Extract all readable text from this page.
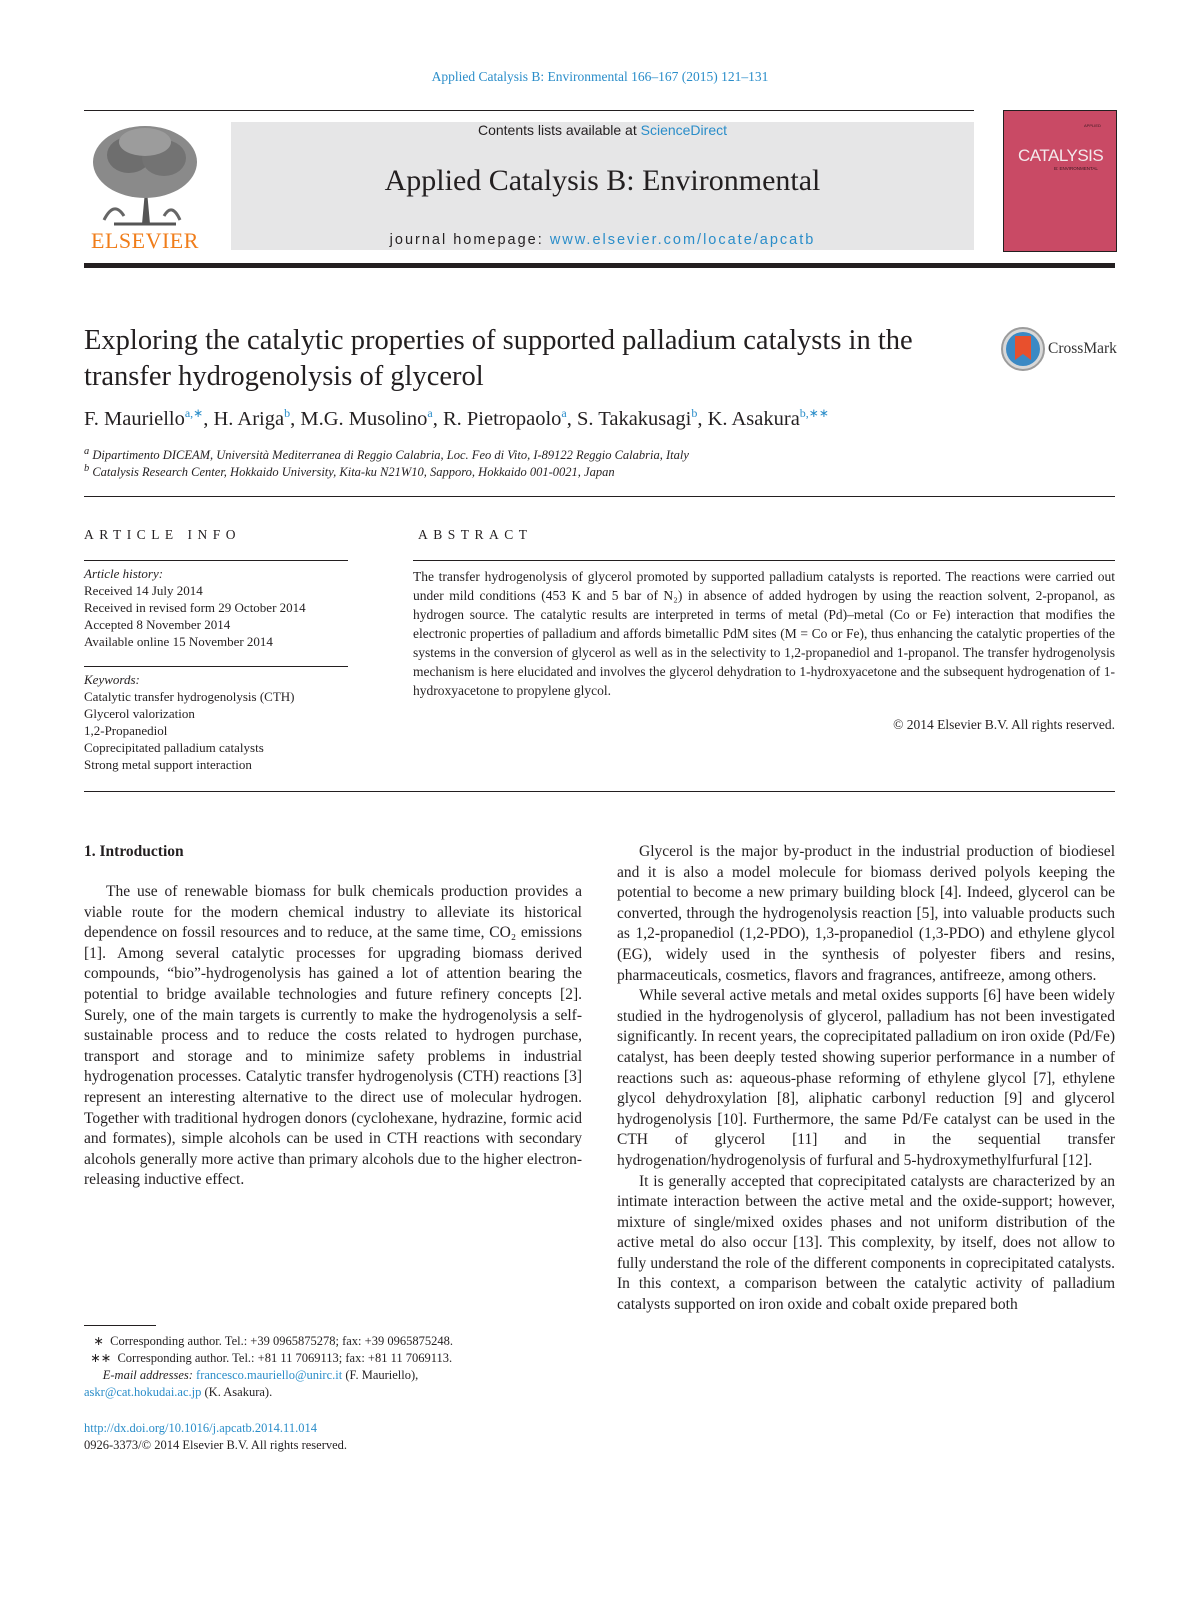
Applied Catalysis B: Environmental 166–167 (2015) 121–131
ELSEVIER
Contents lists available at ScienceDirect
Applied Catalysis B: Environmental
journal homepage: www.elsevier.com/locate/apcatb
APPLIED
CATALYSIS
B: ENVIRONMENTAL
Exploring the catalytic properties of supported palladium catalysts in the transfer hydrogenolysis of glycerol
CrossMark
F. Mauriello$^{a,∗}$, H. Ariga$^b$, M.G. Musolino$^a$, R. Pietropaolo$^a$, S. Takakusagi$^b$, K. Asakura$^{b,∗∗}$
$^a$ Dipartimento DICEAM, Università Mediterranea di Reggio Calabria, Loc. Feo di Vito, I-89122 Reggio Calabria, Italy
$^b$ Catalysis Research Center, Hokkaido University, Kita-ku N21W10, Sapporo, Hokkaido 001-0021, Japan
ARTICLE INFO	ABSTRACT
Article history:
Received 14 July 2014
Received in revised form 29 October 2014
Accepted 8 November 2014
Available online 15 November 2014
Keywords:
Catalytic transfer hydrogenolysis (CTH)
Glycerol valorization
1,2-Propanediol
Coprecipitated palladium catalysts
Strong metal support interaction
The transfer hydrogenolysis of glycerol promoted by supported palladium catalysts is reported. The reactions were carried out under mild conditions (453 K and 5 bar of N₂) in absence of added hydrogen by using the reaction solvent, 2-propanol, as hydrogen source. The catalytic results are interpreted in terms of metal (Pd)–metal (Co or Fe) interaction that modifies the electronic properties of palladium and affords bimetallic PdM sites (M = Co or Fe), thus enhancing the catalytic properties of the systems in the conversion of glycerol as well as in the selectivity to 1,2-propanediol and 1-propanol. The transfer hydrogenolysis mechanism is here elucidated and involves the glycerol dehydration to 1-hydroxyacetone and the subsequent hydrogenation of 1-hydroxyacetone to propylene glycol.
© 2014 Elsevier B.V. All rights reserved.
1. Introduction

The use of renewable biomass for bulk chemicals production provides a viable route for the modern chemical industry to alleviate its historical dependence on fossil resources and to reduce, at the same time, CO₂ emissions [1]. Among several catalytic processes for upgrading biomass derived compounds, “bio”-hydrogenolysis has gained a lot of attention bearing the potential to bridge available technologies and future refinery concepts [2]. Surely, one of the main targets is currently to make the hydrogenolysis a self-sustainable process and to reduce the costs related to hydrogen purchase, transport and storage and to minimize safety problems in industrial hydrogenation processes. Catalytic transfer hydrogenolysis (CTH) reactions [3] represent an interesting alternative to the direct use of molecular hydrogen. Together with traditional hydrogen donors (cyclohexane, hydrazine, formic acid and formates), simple alcohols can be used in CTH reactions with secondary alcohols generally more active than primary alcohols due to the higher electron-releasing inductive effect.

Glycerol is the major by-product in the industrial production of biodiesel and it is also a model molecule for biomass derived polyols keeping the potential to become a new primary building block [4]. Indeed, glycerol can be converted, through the hydrogenolysis reaction [5], into valuable products such as 1,2-propanediol (1,2-PDO), 1,3-propanediol (1,3-PDO) and ethylene glycol (EG), widely used in the synthesis of polyester fibers and resins, pharmaceuticals, cosmetics, flavors and fragrances, antifreeze, among others.

While several active metals and metal oxides supports [6] have been widely studied in the hydrogenolysis of glycerol, palladium has not been investigated significantly. In recent years, the coprecipitated palladium on iron oxide (Pd/Fe) catalyst, has been deeply tested showing superior performance in a number of reactions such as: aqueous-phase reforming of ethylene glycol [7], ethylene glycol dehydroxylation [8], aliphatic carbonyl reduction [9] and glycerol hydrogenolysis [10]. Furthermore, the same Pd/Fe catalyst can be used in the CTH of glycerol [11] and in the sequential transfer hydrogenation/hydrogenolysis of furfural and 5-hydroxymethylfurfural [12].

It is generally accepted that coprecipitated catalysts are characterized by an intimate interaction between the active metal and the oxide-support; however, mixture of single/mixed oxides phases and not uniform distribution of the active metal do also occur [13]. This complexity, by itself, does not allow to fully understand the role of the different components in coprecipitated catalysts. In this context, a comparison between the catalytic activity of palladium catalysts supported on iron oxide and cobalt oxide prepared both

∗ Corresponding author. Tel.: +39 0965875278; fax: +39 0965875248.
∗∗ Corresponding author. Tel.: +81 11 7069113; fax: +81 11 7069113.
E-mail addresses: francesco.mauriello@unirc.it (F. Mauriello),
askr@cat.hokudai.ac.jp (K. Asakura).
http://dx.doi.org/10.1016/j.apcatb.2014.11.014
0926-3373/© 2014 Elsevier B.V. All rights reserved.
